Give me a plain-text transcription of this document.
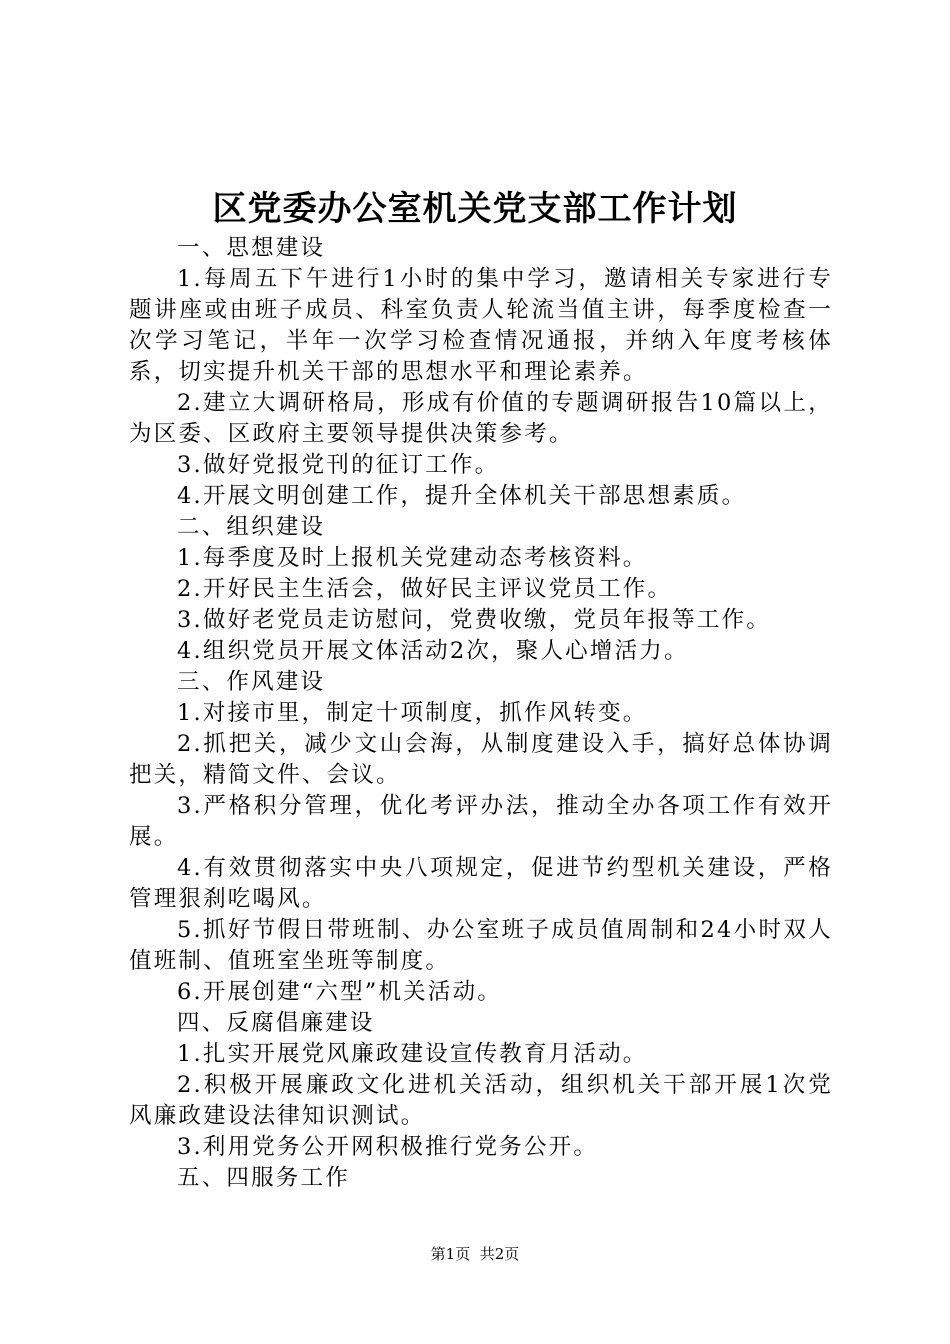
区党委办公室机关党支部工作计划

一、思想建设

1.每周五下午进行1小时的集中学习，邀请相关专家进行专题讲座或由班子成员、科室负责人轮流当值主讲，每季度检查一次学习笔记，半年一次学习检查情况通报，并纳入年度考核体系，切实提升机关干部的思想水平和理论素养。

2.建立大调研格局，形成有价值的专题调研报告10篇以上，为区委、区政府主要领导提供决策参考。

3.做好党报党刊的征订工作。

4.开展文明创建工作，提升全体机关干部思想素质。

二、组织建设

1.每季度及时上报机关党建动态考核资料。

2.开好民主生活会，做好民主评议党员工作。

3.做好老党员走访慰问，党费收缴，党员年报等工作。

4.组织党员开展文体活动2次，聚人心增活力。

三、作风建设

1.对接市里，制定十项制度，抓作风转变。

2.抓把关，减少文山会海，从制度建设入手，搞好总体协调把关，精简文件、会议。

3.严格积分管理，优化考评办法，推动全办各项工作有效开展。

4.有效贯彻落实中央八项规定，促进节约型机关建设，严格管理狠刹吃喝风。

5.抓好节假日带班制、办公室班子成员值周制和24小时双人值班制、值班室坐班等制度。

6.开展创建“六型”机关活动。

四、反腐倡廉建设

1.扎实开展党风廉政建设宣传教育月活动。

2.积极开展廉政文化进机关活动，组织机关干部开展1次党风廉政建设法律知识测试。

3.利用党务公开网积极推行党务公开。

五、四服务工作

第1页 共2页
